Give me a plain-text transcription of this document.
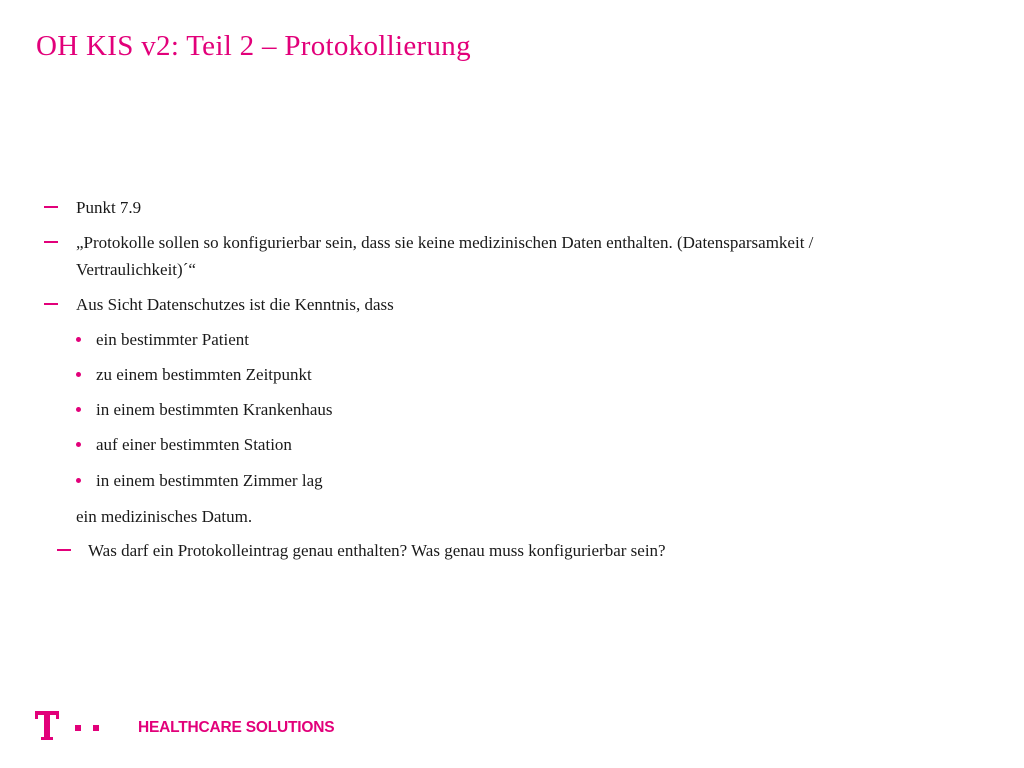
OH KIS v2: Teil 2 – Protokollierung
Punkt 7.9
„Protokolle sollen so konfigurierbar sein, dass sie keine medizinischen Daten enthalten. (Datensparsamkeit /
Vertraulichkeit)´“
Aus Sicht Datenschutzes ist die Kenntnis, dass
ein bestimmter Patient
zu einem bestimmten Zeitpunkt
in einem bestimmten Krankenhaus
auf einer bestimmten Station
in einem bestimmten Zimmer lag
ein medizinisches Datum.
Was darf ein Protokolleintrag genau enthalten? Was genau muss konfigurierbar sein?
HEALTHCARE SOLUTIONS
